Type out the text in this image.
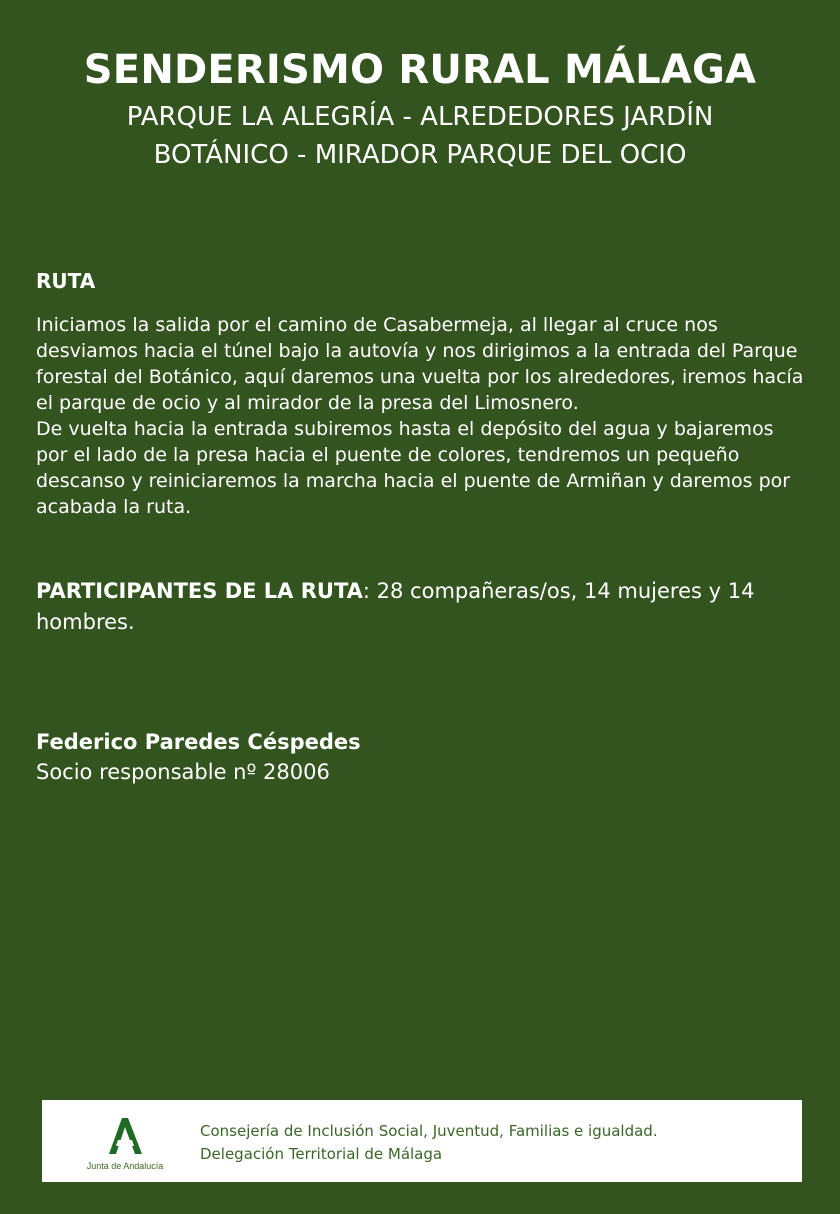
SENDERISMO RURAL MÁLAGA

PARQUE LA ALEGRÍA - ALREDEDORES JARDÍN

BOTÁNICO - MIRADOR PARQUE DEL OCIO

RUTA

Iniciamos la salida por el camino de Casabermeja, al llegar al cruce nos desviamos hacia el túnel bajo la autovía y nos dirigimos a la entrada del Parque forestal del Botánico, aquí daremos una vuelta por los alrededores, iremos hacía el parque de ocio y al mirador de la presa del Limosnero.

De vuelta hacia la entrada subiremos hasta el depósito del agua y bajaremos por el lado de la presa hacia el puente de colores, tendremos un pequeño descanso y reiniciaremos la marcha hacia el puente de Armiñan y daremos por acabada la ruta.

PARTICIPANTES DE LA RUTA: 28 compañeras/os, 14 mujeres y 14 hombres.
Federico Paredes Céspedes
Socio responsable nº 28006
Junta de Andalucía
Consejería de Inclusión Social, Juventud, Familias e igualdad.
Delegación Territorial de Málaga
